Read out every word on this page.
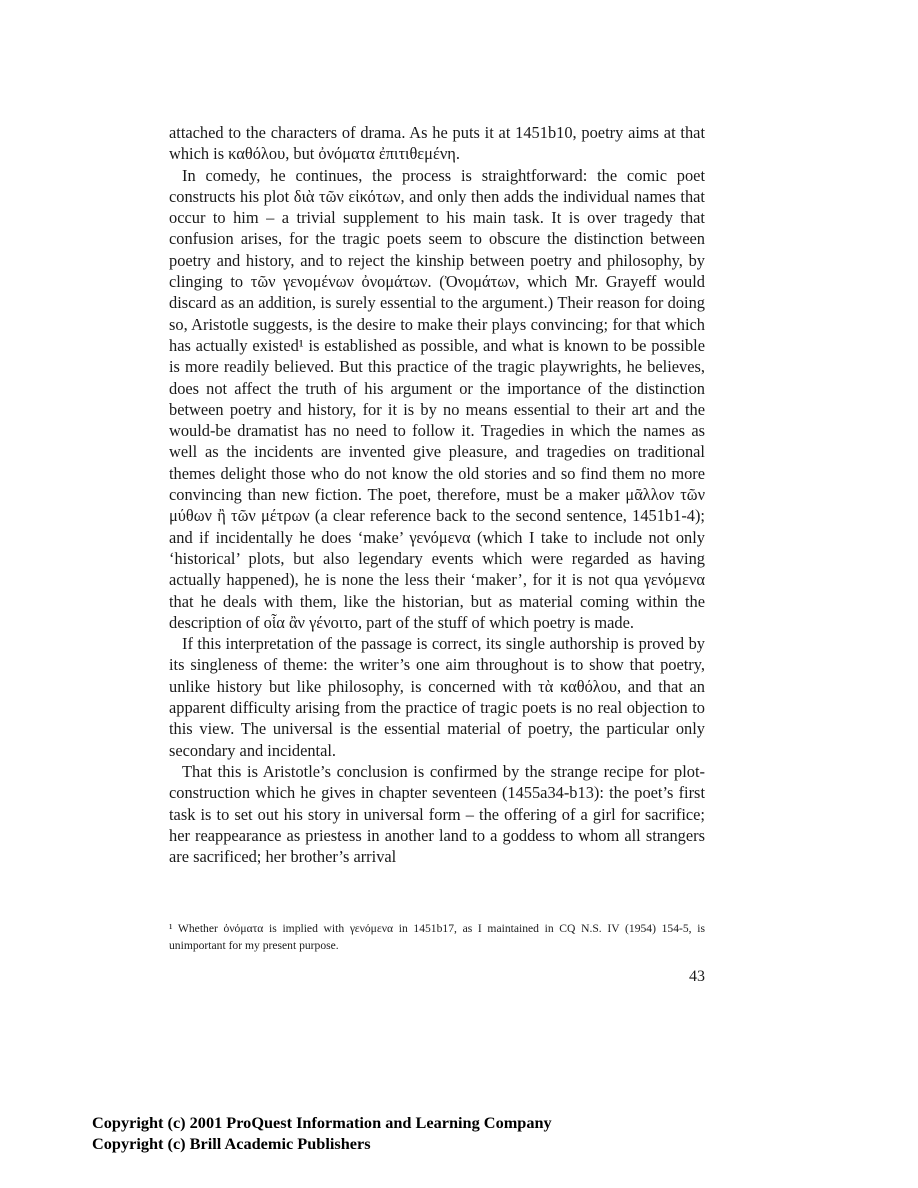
attached to the characters of drama. As he puts it at 1451b10, poetry aims at that which is καθόλου, but ὀνόματα ἐπιτιθεμένη.

In comedy, he continues, the process is straightforward: the comic poet constructs his plot διὰ τῶν εἰκότων, and only then adds the individual names that occur to him – a trivial supplement to his main task. It is over tragedy that confusion arises, for the tragic poets seem to obscure the distinction between poetry and history, and to reject the kinship between poetry and philosophy, by clinging to τῶν γενομένων ὀνομάτων. (Ὀνομάτων, which Mr. Grayeff would discard as an addition, is surely essential to the argument.) Their reason for doing so, Aristotle suggests, is the desire to make their plays convincing; for that which has actually existed¹ is established as possible, and what is known to be possible is more readily believed. But this practice of the tragic playwrights, he believes, does not affect the truth of his argument or the importance of the distinction between poetry and history, for it is by no means essential to their art and the would-be dramatist has no need to follow it. Tragedies in which the names as well as the incidents are invented give pleasure, and tragedies on traditional themes delight those who do not know the old stories and so find them no more convincing than new fiction. The poet, therefore, must be a maker μᾶλλον τῶν μύθων ἢ τῶν μέτρων (a clear reference back to the second sentence, 1451b1-4); and if incidentally he does ‘make’ γενόμενα (which I take to include not only ‘historical’ plots, but also legendary events which were regarded as having actually happened), he is none the less their ‘maker’, for it is not qua γενόμενα that he deals with them, like the historian, but as material coming within the description of οἷα ἂν γένοιτο, part of the stuff of which poetry is made.

If this interpretation of the passage is correct, its single authorship is proved by its singleness of theme: the writer’s one aim throughout is to show that poetry, unlike history but like philosophy, is concerned with τὰ καθόλου, and that an apparent difficulty arising from the practice of tragic poets is no real objection to this view. The universal is the essential material of poetry, the particular only secondary and incidental.

That this is Aristotle’s conclusion is confirmed by the strange recipe for plot-construction which he gives in chapter seventeen (1455a34-b13): the poet’s first task is to set out his story in universal form – the offering of a girl for sacrifice; her reappearance as priestess in another land to a goddess to whom all strangers are sacrificed; her brother’s arrival

¹ Whether ὀνόματα is implied with γενόμενα in 1451b17, as I maintained in CQ N.S. IV (1954) 154-5, is unimportant for my present purpose.

43
Copyright (c) 2001 ProQuest Information and Learning Company
Copyright (c) Brill Academic Publishers
